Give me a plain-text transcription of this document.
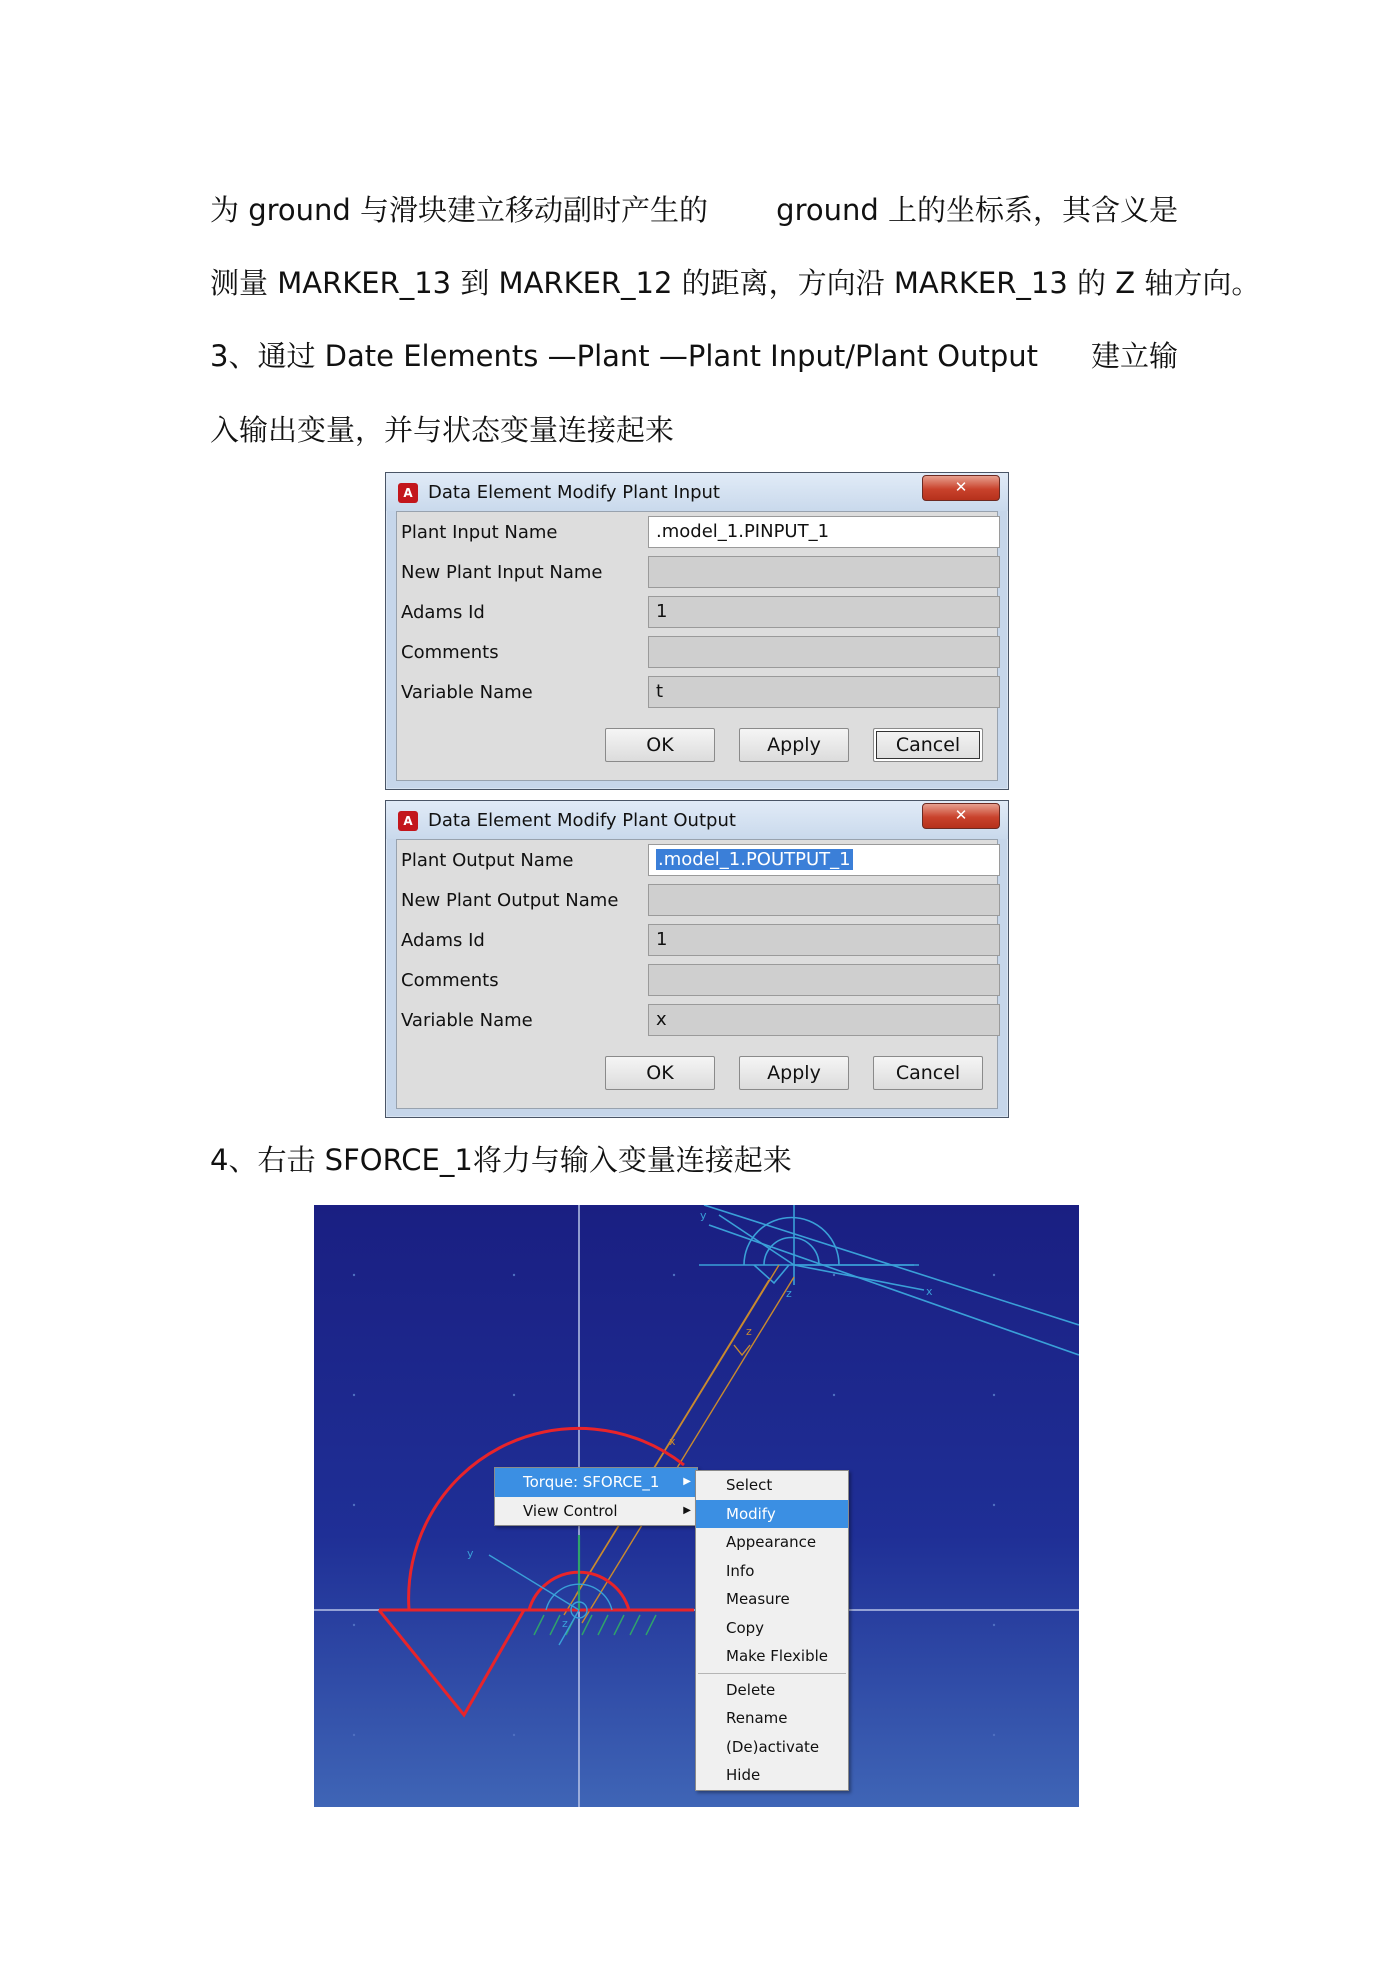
为 ground 与滑块建立移动副时产生的 ground 上的坐标系，其含义是
测量 MARKER_13 到 MARKER_12 的距离，方向沿 MARKER_13 的 Z 轴方向。
3、通过 Date Elements —Plant —Plant Input/Plant Output 建立输
入输出变量，并与状态变量连接起来
A Data Element Modify Plant Input	✕
Plant Input Name	.model_1.PINPUT_1
New Plant Input Name
Adams Id	1
Comments
Variable Name	t
OK	Apply	Cancel
A Data Element Modify Plant Output	✕
Plant Output Name	.model_1.POUTPUT_1
New Plant Output Name
Adams Id	1
Comments
Variable Name	x
OK	Apply	Cancel
4、右击 SFORCE_1将力与输入变量连接起来
y
x
z
z
x
y
z
Torque: SFORCE_1 ▶
View Control	▶
Select
Modify
Appearance
Info
Measure
Copy
Make Flexible
Delete
Rename
(De)activate
Hide
